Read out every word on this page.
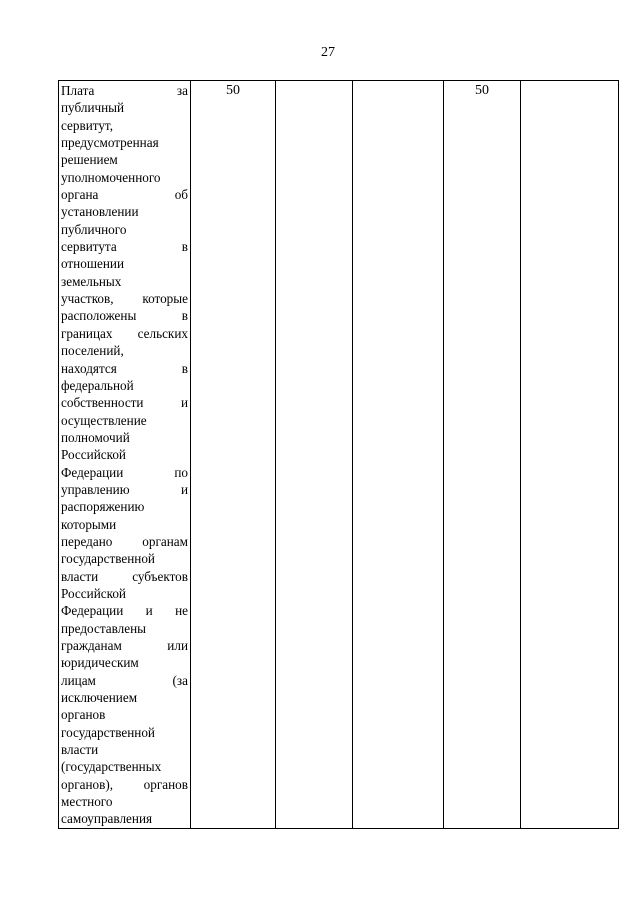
27
Плата за
публичный
сервитут,
предусмотренная
решением
уполномоченного
органа об
установлении
публичного
сервитута в
отношении
земельных
участков, которые
расположены в
границах сельских
поселений,
находятся в
федеральной
собственности и
осуществление
полномочий
Российской
Федерации по
управлению и
распоряжению
которыми
передано органам
государственной
власти субъектов
Российской
Федерации и не
предоставлены
гражданам или
юридическим
лицам (за
исключением
органов
государственной
власти
(государственных
органов), органов
местного
самоуправления
	50			50	
